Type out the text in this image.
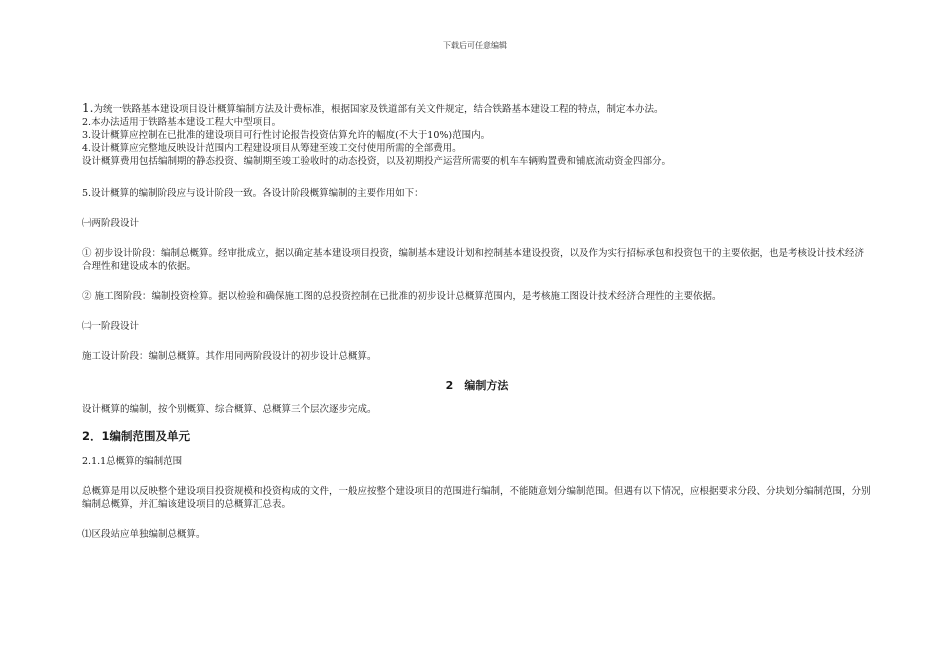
下载后可任意编辑

1.为统一铁路基本建设项目设计概算编制方法及计费标准，根据国家及铁道部有关文件规定，结合铁路基本建设工程的特点，制定本办法。

2.本办法适用于铁路基本建设工程大中型项目。

3.设计概算应控制在已批准的建设项目可行性讨论报告投资估算允许的幅度(不大于10%)范围内。

4.设计概算应完整地反映设计范围内工程建设项目从筹建至竣工交付使用所需的全部费用。

设计概算费用包括编制期的静态投资、编制期至竣工验收时的动态投资，以及初期投产运营所需要的机车车辆购置费和铺底流动资金四部分。

5.设计概算的编制阶段应与设计阶段一致。各设计阶段概算编制的主要作用如下：

㈠两阶段设计

① 初步设计阶段：编制总概算。经审批成立，据以确定基本建设项目投资，编制基本建设计划和控制基本建设投资，以及作为实行招标承包和投资包干的主要依据，也是考核设计技术经济合理性和建设成本的依据。

② 施工图阶段：编制投资检算。据以检验和确保施工图的总投资控制在已批准的初步设计总概算范围内，是考核施工图设计技术经济合理性的主要依据。

㈡一阶段设计

施工设计阶段：编制总概算。其作用同两阶段设计的初步设计总概算。

2　编制方法

设计概算的编制，按个别概算、综合概算、总概算三个层次逐步完成。

2．1编制范围及单元

2.1.1总概算的编制范围

总概算是用以反映整个建设项目投资规模和投资构成的文件，一般应按整个建设项目的范围进行编制，不能随意划分编制范围。但遇有以下情况，应根据要求分段、分块划分编制范围，分别编制总概算，并汇编该建设项目的总概算汇总表。

⑴区段站应单独编制总概算。
